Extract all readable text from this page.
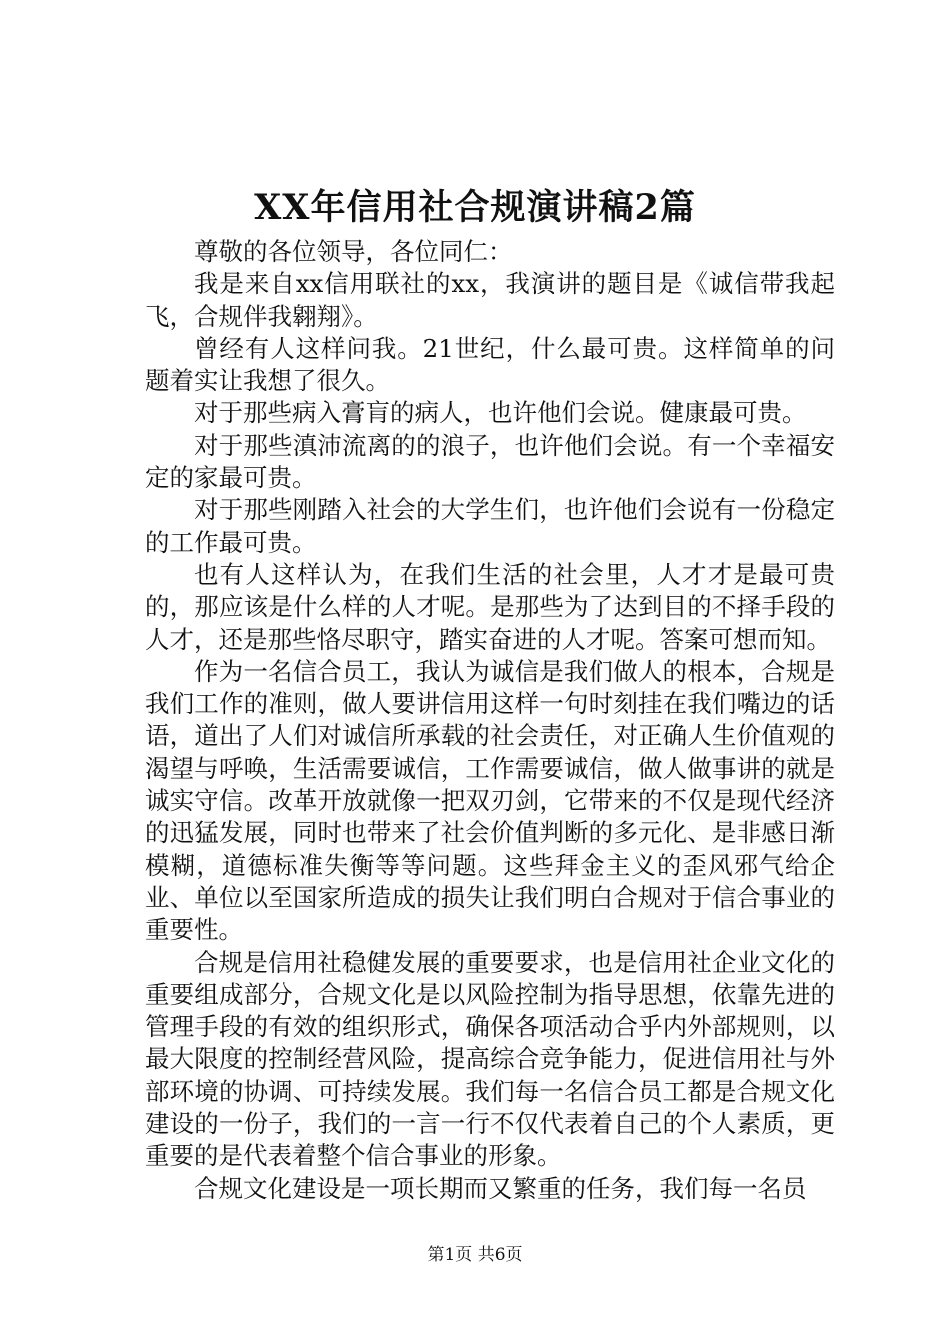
XX年信用社合规演讲稿2篇

尊敬的各位领导，各位同仁：

我是来自xx信用联社的xx，我演讲的题目是《诚信带我起飞，合规伴我翱翔》。

曾经有人这样问我。21世纪，什么最可贵。这样简单的问题着实让我想了很久。

对于那些病入膏肓的病人，也许他们会说。健康最可贵。

对于那些滇沛流离的的浪子，也许他们会说。有一个幸福安定的家最可贵。

对于那些刚踏入社会的大学生们，也许他们会说有一份稳定的工作最可贵。

也有人这样认为，在我们生活的社会里，人才才是最可贵的，那应该是什么样的人才呢。是那些为了达到目的不择手段的人才，还是那些恪尽职守，踏实奋进的人才呢。答案可想而知。

作为一名信合员工，我认为诚信是我们做人的根本，合规是我们工作的准则，做人要讲信用这样一句时刻挂在我们嘴边的话语，道出了人们对诚信所承载的社会责任，对正确人生价值观的渴望与呼唤，生活需要诚信，工作需要诚信，做人做事讲的就是诚实守信。改革开放就像一把双刃剑，它带来的不仅是现代经济的迅猛发展，同时也带来了社会价值判断的多元化、是非感日渐模糊，道德标准失衡等等问题。这些拜金主义的歪风邪气给企业、单位以至国家所造成的损失让我们明白合规对于信合事业的重要性。

合规是信用社稳健发展的重要要求，也是信用社企业文化的重要组成部分，合规文化是以风险控制为指导思想，依靠先进的管理手段的有效的组织形式，确保各项活动合乎内外部规则，以最大限度的控制经营风险，提高综合竞争能力，促进信用社与外部环境的协调、可持续发展。我们每一名信合员工都是合规文化建设的一份子，我们的一言一行不仅代表着自己的个人素质，更重要的是代表着整个信合事业的形象。

合规文化建设是一项长期而又繁重的任务，我们每一名员

第1页 共6页
